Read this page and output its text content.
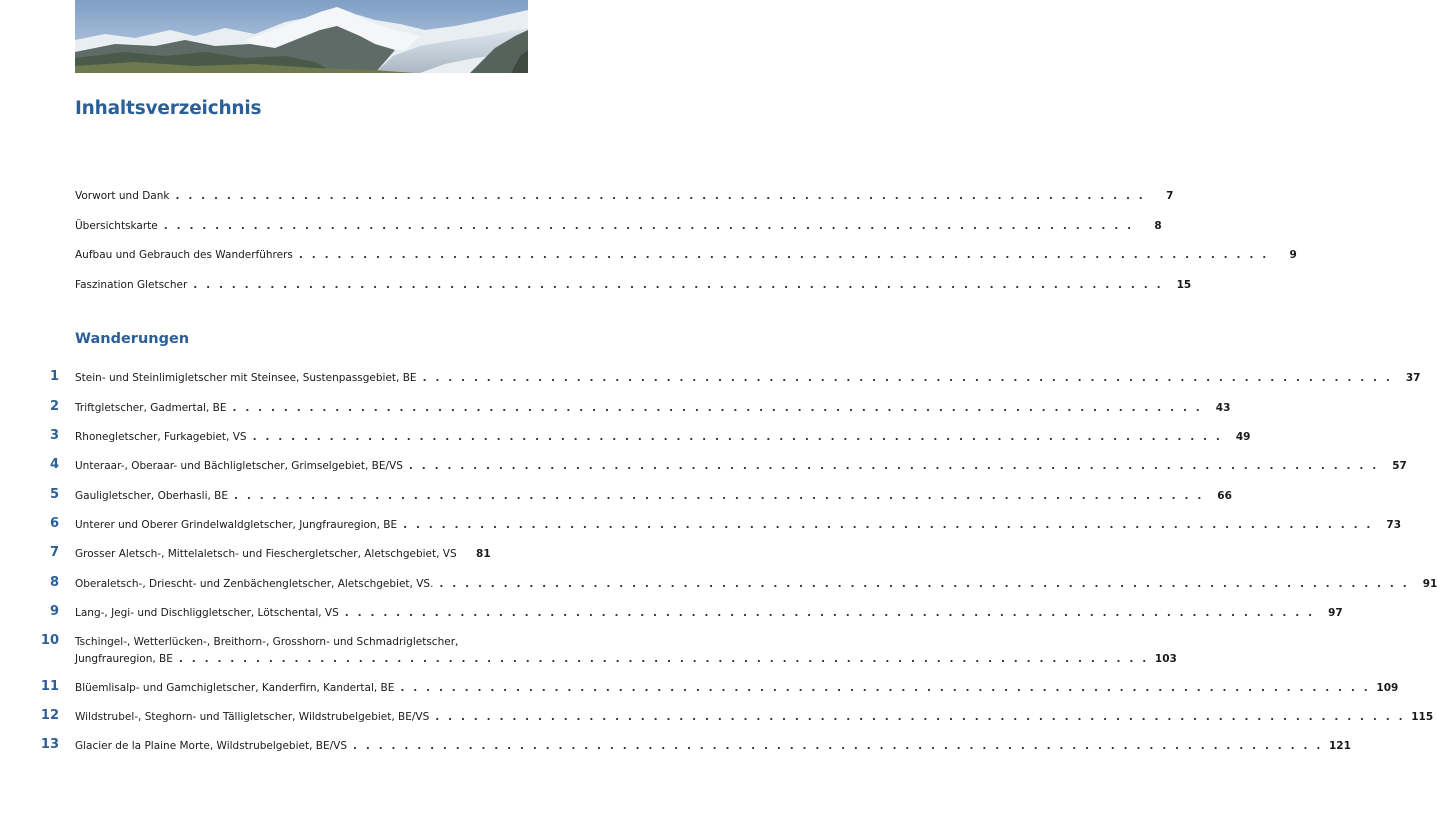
Inhaltsverzeichnis
Vorwort und Dank . . . . . . . . . . . . . . . . . . . . . . . . . . . . . . . . . . . . . . . . . . . . . . . . . . . . . . . . . . . . . . . . . . . . . . . . . . . .	7
Übersichtskarte . . . . . . . . . . . . . . . . . . . . . . . . . . . . . . . . . . . . . . . . . . . . . . . . . . . . . . . . . . . . . . . . . . . . . . . . . . . .	8
Aufbau und Gebrauch des Wanderführers . . . . . . . . . . . . . . . . . . . . . . . . . . . . . . . . . . . . . . . . . . . . . . . . . . . . . . . . . . . . . . . . . . . . . . . . . . . .	9
Faszination Gletscher . . . . . . . . . . . . . . . . . . . . . . . . . . . . . . . . . . . . . . . . . . . . . . . . . . . . . . . . . . . . . . . . . . . . . . . . . . . .	15
Wanderungen
1 Stein- und Steinlimigletscher mit Steinsee, Sustenpassgebiet, BE . . . . . . . . . . . . . . . . . . . . . . . . . . . . . . . . . . . . . . . . . . . . . . . . . . . . . . . . . . . . . . . . . . . . . . . . . . . .	37
2 Triftgletscher, Gadmertal, BE . . . . . . . . . . . . . . . . . . . . . . . . . . . . . . . . . . . . . . . . . . . . . . . . . . . . . . . . . . . . . . . . . . . . . . . . . . . .	43
3 Rhonegletscher, Furkagebiet, VS . . . . . . . . . . . . . . . . . . . . . . . . . . . . . . . . . . . . . . . . . . . . . . . . . . . . . . . . . . . . . . . . . . . . . . . . . . . .	49
4 Unteraar-, Oberaar- und Bächligletscher, Grimselgebiet, BE/VS . . . . . . . . . . . . . . . . . . . . . . . . . . . . . . . . . . . . . . . . . . . . . . . . . . . . . . . . . . . . . . . . . . . . . . . . . . . .	57
5 Gauligletscher, Oberhasli, BE . . . . . . . . . . . . . . . . . . . . . . . . . . . . . . . . . . . . . . . . . . . . . . . . . . . . . . . . . . . . . . . . . . . . . . . . . . . .	66
6 Unterer und Oberer Grindelwaldgletscher, Jungfrauregion, BE . . . . . . . . . . . . . . . . . . . . . . . . . . . . . . . . . . . . . . . . . . . . . . . . . . . . . . . . . . . . . . . . . . . . . . . . . . . .	73
7 Grosser Aletsch-, Mittelaletsch- und Fieschergletscher, Aletschgebiet, VS	81
8 Oberaletsch-, Driescht- und Zenbächengletscher, Aletschgebiet, VS. . . . . . . . . . . . . . . . . . . . . . . . . . . . . . . . . . . . . . . . . . . . . . . . . . . . . . . . . . . . . . . . . . . . . . . . . . . . .	91
9 Lang-, Jegi- und Dischliggletscher, Lötschental, VS . . . . . . . . . . . . . . . . . . . . . . . . . . . . . . . . . . . . . . . . . . . . . . . . . . . . . . . . . . . . . . . . . . . . . . . . . . . .	97
10 Tschingel-, Wetterlücken-, Breithorn-, Grosshorn- und Schmadrigletscher,
Jungfrauregion, BE . . . . . . . . . . . . . . . . . . . . . . . . . . . . . . . . . . . . . . . . . . . . . . . . . . . . . . . . . . . . . . . . . . . . . . . . . . . . 103
11 Blüemlisalp- und Gamchigletscher, Kanderfirn, Kandertal, BE . . . . . . . . . . . . . . . . . . . . . . . . . . . . . . . . . . . . . . . . . . . . . . . . . . . . . . . . . . . . . . . . . . . . . . . . . . . . 109
12 Wildstrubel-, Steghorn- und Tälligletscher, Wildstrubelgebiet, BE/VS . . . . . . . . . . . . . . . . . . . . . . . . . . . . . . . . . . . . . . . . . . . . . . . . . . . . . . . . . . . . . . . . . . . . . . . . . . . . 115
13 Glacier de la Plaine Morte, Wildstrubelgebiet, BE/VS . . . . . . . . . . . . . . . . . . . . . . . . . . . . . . . . . . . . . . . . . . . . . . . . . . . . . . . . . . . . . . . . . . . . . . . . . . . . 121
